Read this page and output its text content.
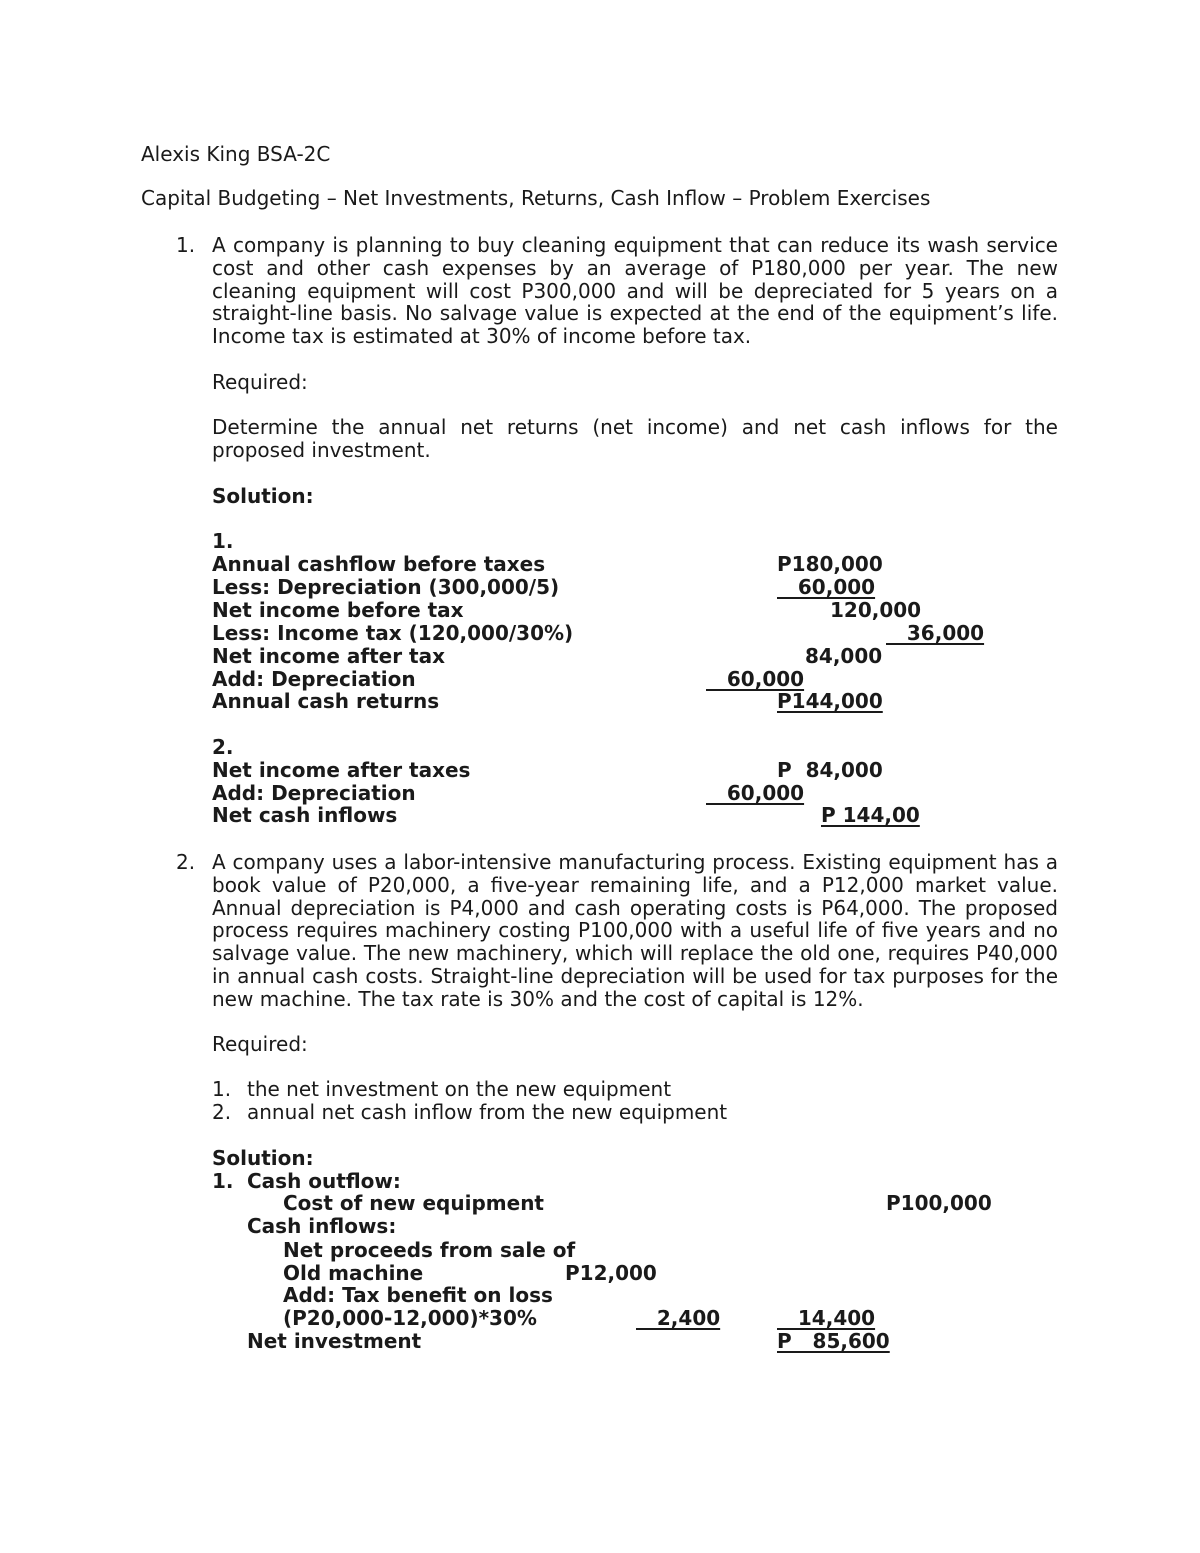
Alexis King BSA-2C
Capital Budgeting – Net Investments, Returns, Cash Inflow – Problem Exercises
1. A company is planning to buy cleaning equipment that can reduce its wash service cost and other cash expenses by an average of P180,000 per year. The new cleaning equipment will cost P300,000 and will be depreciated for 5 years on a straight-line basis. No salvage value is expected at the end of the equipment’s life. Income tax is estimated at 30% of income before tax.
Required:
Determine the annual net returns (net income) and net cash inflows for the proposed investment.
Solution:
1.
Annual cashflow before taxes	P180,000
Less: Depreciation (300,000/5)	60,000
Net income before tax	120,000
Less: Income tax (120,000/30%)	36,000
Net income after tax	84,000
Add: Depreciation	60,000
Annual cash returns	P144,000
2.
Net income after taxes	P  84,000
Add: Depreciation	60,000
Net cash inflows	P 144,00
2. A company uses a labor-intensive manufacturing process. Existing equipment has a book value of P20,000, a five-year remaining life, and a P12,000 market value. Annual depreciation is P4,000 and cash operating costs is P64,000. The proposed process requires machinery costing P100,000 with a useful life of five years and no salvage value. The new machinery, which will replace the old one, requires P40,000 in annual cash costs. Straight-line depreciation will be used for tax purposes for the new machine. The tax rate is 30% and the cost of capital is 12%.
Required:
1. the net investment on the new equipment
2. annual net cash inflow from the new equipment
Solution:
1. Cash outflow:
Cost of new equipment	P100,000
Cash inflows:
Net proceeds from sale of
Old machine	P12,000
Add: Tax benefit on loss
(P20,000-12,000)*30%	2,400	14,400
Net investment	P   85,600
